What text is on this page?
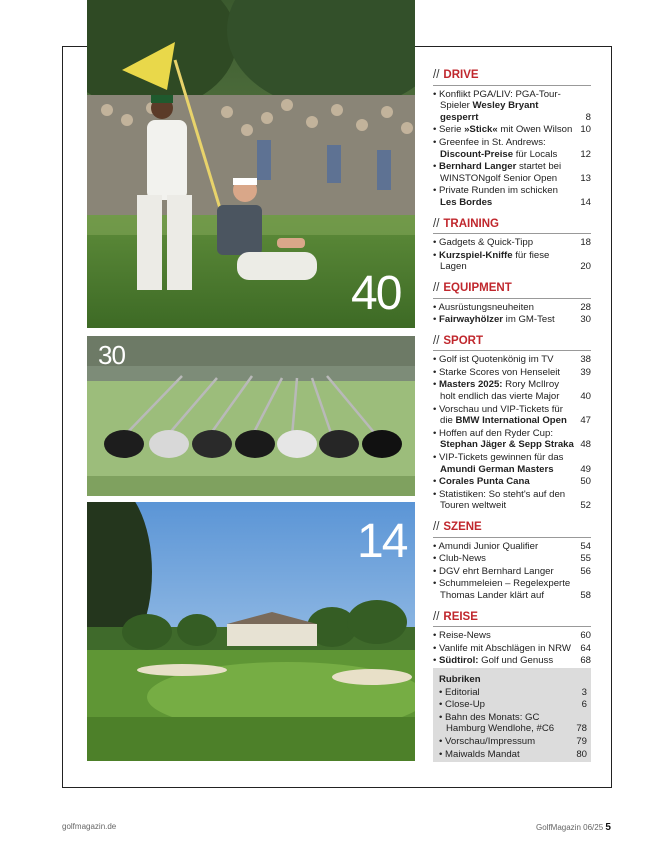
40
30
14
// DRIVE
• Konflikt PGA/LIV: PGA-Tour-Spieler Wesley Bryant gesperrt	8
• Serie »Stick« mit Owen Wilson 10
• Greenfee in St. Andrews: Discount-Preise für Locals	12
• Bernhard Langer startet bei WINSTONgolf Senior Open	13
• Private Runden im schicken Les Bordes	14
// TRAINING
• Gadgets & Quick-Tipp	18
• Kurzspiel-Kniffe für fiese Lagen	20
// EQUIPMENT
• Ausrüstungsneuheiten	28
• Fairwayhölzer im GM-Test	30
// SPORT
• Golf ist Quotenkönig im TV	38
• Starke Scores von Henseleit	39
• Masters 2025: Rory McIlroy holt endlich das vierte Major	40
• Vorschau und VIP-Tickets für die BMW International Open	47
• Hoffen auf den Ryder Cup: Stephan Jäger & Sepp Straka 48
• VIP-Tickets gewinnen für das Amundi German Masters	49
• Corales Punta Cana	50
• Statistiken: So steht's auf den Touren weltweit	52
// SZENE
• Amundi Junior Qualifier	54
• Club-News	55
• DGV ehrt Bernhard Langer	56
• Schummeleien – Regelexperte Thomas Lander klärt auf	58
// REISE
• Reise-News	60
• Vanlife mit Abschlägen in NRW 64
• Südtirol: Golf und Genuss	68
Rubriken
• Editorial	3
• Close-Up	6
• Bahn des Monats: GC Hamburg Wendlohe, #C6	78
• Vorschau/Impressum	79
• Maiwalds Mandat	80
golfmagazin.de	GolfMagazin 06/25 5
